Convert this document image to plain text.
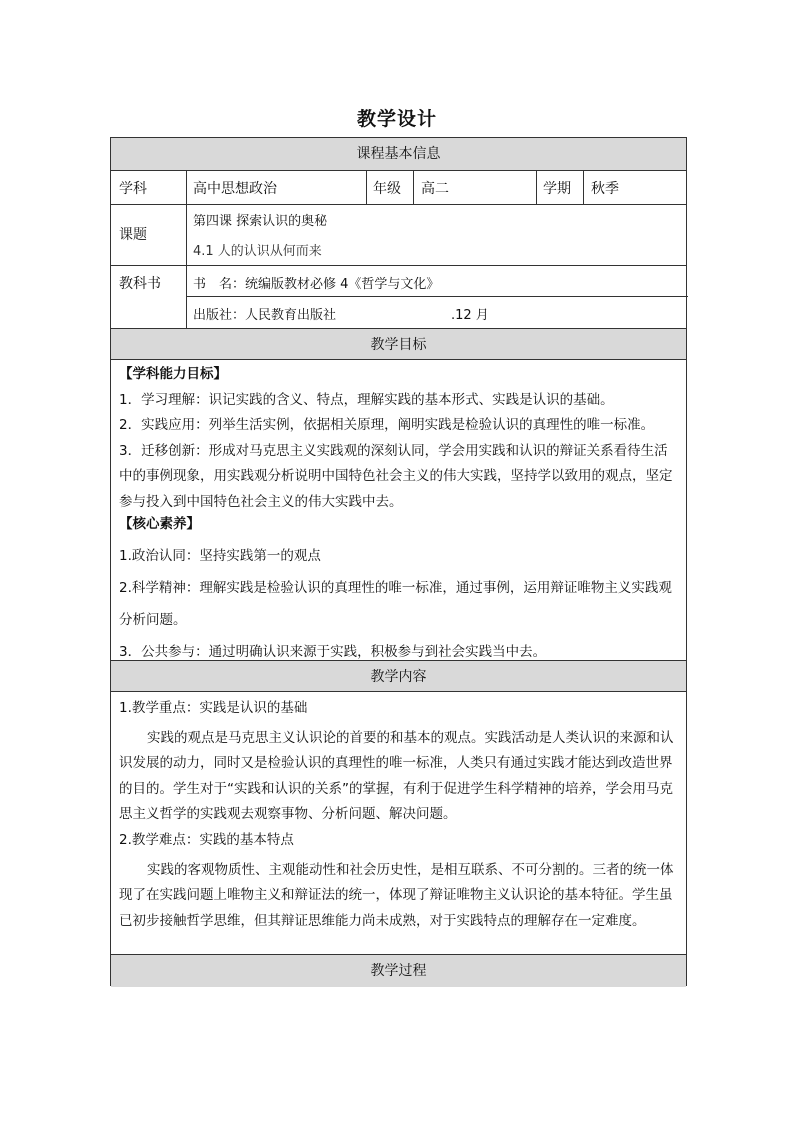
教学设计
课程基本信息
学科	高中思想政治	年级 高二	学期 秋季
课题
第四课 探索认识的奥秘
4.1 人的认识从何而来
教科书 书　名：统编版教材必修 4《哲学与文化》
出版社：人民教育出版社	.12 月
教学目标
【学科能力目标】
1．学习理解：识记实践的含义、特点，理解实践的基本形式、实践是认识的基础。
2．实践应用：列举生活实例，依据相关原理，阐明实践是检验认识的真理性的唯一标准。
3．迁移创新：形成对马克思主义实践观的深刻认同，学会用实践和认识的辩证关系看待生活中的事例现象，用实践观分析说明中国特色社会主义的伟大实践，坚持学以致用的观点，坚定参与投入到中国特色社会主义的伟大实践中去。
【核心素养】
1.政治认同：坚持实践第一的观点
2.科学精神：理解实践是检验认识的真理性的唯一标准，通过事例，运用辩证唯物主义实践观分析问题。
3．公共参与：通过明确认识来源于实践，积极参与到社会实践当中去。
教学内容
1.教学重点：实践是认识的基础
实践的观点是马克思主义认识论的首要的和基本的观点。实践活动是人类认识的来源和认识发展的动力，同时又是检验认识的真理性的唯一标准，人类只有通过实践才能达到改造世界的目的。学生对于“实践和认识的关系”的掌握，有利于促进学生科学精神的培养，学会用马克思主义哲学的实践观去观察事物、分析问题、解决问题。
2.教学难点：实践的基本特点
实践的客观物质性、主观能动性和社会历史性，是相互联系、不可分割的。三者的统一体现了在实践问题上唯物主义和辩证法的统一，体现了辩证唯物主义认识论的基本特征。学生虽已初步接触哲学思维，但其辩证思维能力尚未成熟，对于实践特点的理解存在一定难度。
教学过程
